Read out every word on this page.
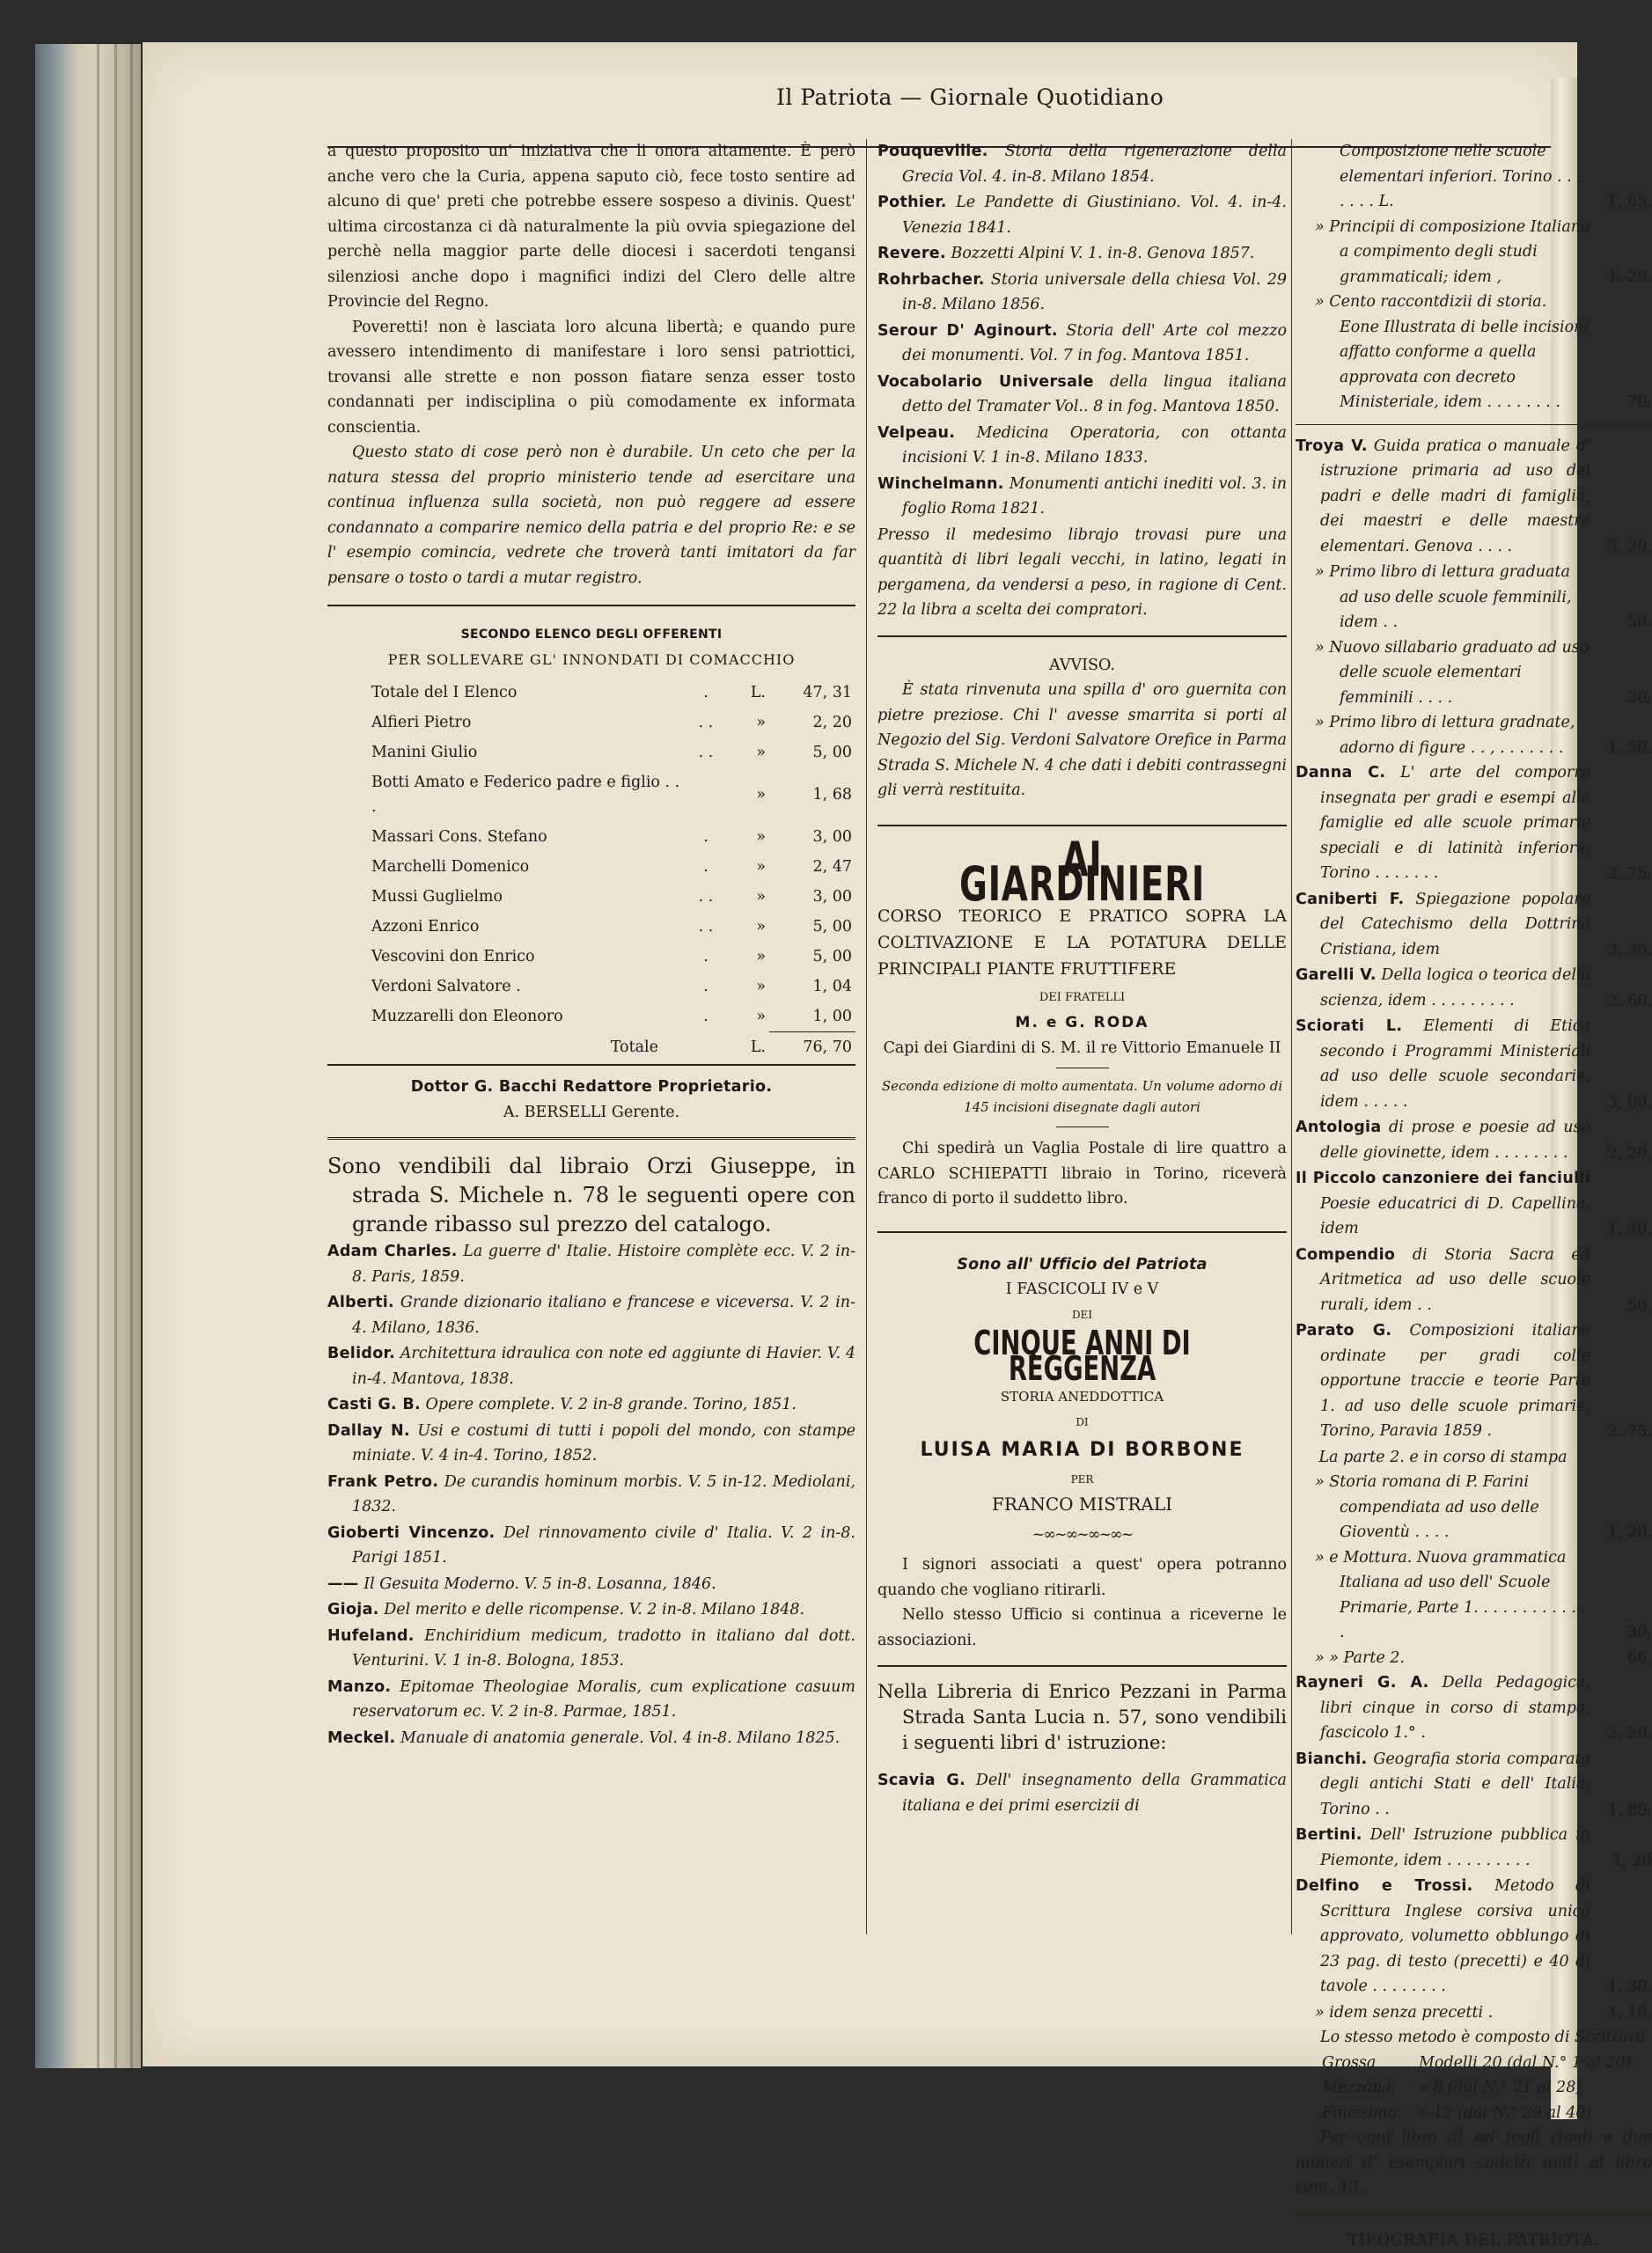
Il Patriota — Giornale Quotidiano

a questo proposito un' iniziativa che li onora altamente. È però anche vero che la Curia, appena saputo ciò, fece tosto sentire ad alcuno di que' preti che potrebbe essere sospeso a divinis. Quest' ultima circostanza ci dà naturalmente la più ovvia spiegazione del perchè nella maggior parte delle diocesi i sacerdoti tengansi silenziosi anche dopo i magnifici indizi del Clero delle altre Provincie del Regno.

Poveretti! non è lasciata loro alcuna libertà; e quando pure avessero intendimento di manifestare i loro sensi patriottici, trovansi alle strette e non posson fiatare senza esser tosto condannati per indisciplina o più comodamente ex informata conscientia.

Questo stato di cose però non è durabile. Un ceto che per la natura stessa del proprio ministerio tende ad esercitare una continua influenza sulla società, non può reggere ad essere condannato a comparire nemico della patria e del proprio Re: e se l' esempio comincia, vedrete che troverà tanti imitatori da far pensare o tosto o tardi a mutar registro.

SECONDO ELENCO DEGLI OFFERENTI

PER SOLLEVARE GL' INNONDATI DI COMACCHIO

Totale del I Elenco	.	L.	47, 31
Alfieri Pietro	. .	»	2, 20
Manini Giulio	. .	»	5, 00
Botti Amato e Federico padre e figlio . . .		»	1, 68
Massari Cons. Stefano	.	»	3, 00
Marchelli Domenico	.	»	2, 47
Mussi Guglielmo	. .	»	3, 00
Azzoni Enrico	. .	»	5, 00
Vescovini don Enrico	.	»	5, 00
Verdoni Salvatore .	.	»	1, 04
Muzzarelli don Eleonoro	.	»	1, 00
Totale		L.	76, 70

Dottor G. Bacchi Redattore Proprietario.

A. BERSELLI Gerente.

Sono vendibili dal libraio Orzi Giuseppe, in strada S. Michele n. 78 le seguenti opere con grande ribasso sul prezzo del catalogo.

Adam Charles. La guerre d' Italie. Histoire complète ecc. V. 2 in-8. Paris, 1859.

Alberti. Grande dizionario italiano e francese e viceversa. V. 2 in-4. Milano, 1836.

Belidor. Architettura idraulica con note ed aggiunte di Havier. V. 4 in-4. Mantova, 1838.

Casti G. B. Opere complete. V. 2 in-8 grande. Torino, 1851.

Dallay N. Usi e costumi di tutti i popoli del mondo, con stampe miniate. V. 4 in-4. Torino, 1852.

Frank Petro. De curandis hominum morbis. V. 5 in-12. Mediolani, 1832.

Gioberti Vincenzo. Del rinnovamento civile d' Italia. V. 2 in-8. Parigi 1851.

—— Il Gesuita Moderno. V. 5 in-8. Losanna, 1846.

Gioja. Del merito e delle ricompense. V. 2 in-8. Milano 1848.

Hufeland. Enchiridium medicum, tradotto in italiano dal dott. Venturini. V. 1 in-8. Bologna, 1853.

Manzo. Epitomae Theologiae Moralis, cum explicatione casuum reservatorum ec. V. 2 in-8. Parmae, 1851.

Meckel. Manuale di anatomia generale. Vol. 4 in-8. Milano 1825.

Pouqueville. Storia della rigenerazione della Grecia Vol. 4. in-8. Milano 1854.

Pothier. Le Pandette di Giustiniano. Vol. 4. in-4. Venezia 1841.

Revere. Bozzetti Alpini V. 1. in-8. Genova 1857.

Rohrbacher. Storia universale della chiesa Vol. 29 in-8. Milano 1856.

Serour D' Aginourt. Storia dell' Arte col mezzo dei monumenti. Vol. 7 in fog. Mantova 1851.

Vocabolario Universale della lingua italiana detto del Tramater Vol.. 8 in fog. Mantova 1850.

Velpeau. Medicina Operatoria, con ottanta incisioni V. 1 in-8. Milano 1833.

Winchelmann. Monumenti antichi inediti vol. 3. in foglio Roma 1821.

Presso il medesimo librajo trovasi pure una quantità di libri legali vecchi, in latino, legati in pergamena, da vendersi a peso, in ragione di Cent. 22 la libra a scelta dei compratori.

AVVISO.

È stata rinvenuta una spilla d' oro guernita con pietre preziose. Chi l' avesse smarrita si porti al Negozio del Sig. Verdoni Salvatore Orefice in Parma Strada S. Michele N. 4 che dati i debiti contrassegni gli verrà restituita.

AI GIARDINIERI

CORSO TEORICO E PRATICO SOPRA LA COLTIVAZIONE E LA POTATURA DELLE PRINCIPALI PIANTE FRUTTIFERE

DEI FRATELLI

M. e G. RODA

Capi dei Giardini di S. M. il re Vittorio Emanuele II

Seconda edizione di molto aumentata. Un volume adorno di 145 incisioni disegnate dagli autori

Chi spedirà un Vaglia Postale di lire quattro a CARLO SCHIEPATTI libraio in Torino, riceverà franco di porto il suddetto libro.

Sono all' Ufficio del Patriota

I FASCICOLI IV e V

DEI

CINQUE ANNI DI REGGENZA

STORIA ANEDDOTTICA

DI

LUISA MARIA DI BORBONE

PER

FRANCO MISTRALI

~∞~∞~∞~∞~

I signori associati a quest' opera potranno quando che vogliano ritirarli.

Nello stesso Ufficio si continua a riceverne le associazioni.

Nella Libreria di Enrico Pezzani in Parma Strada Santa Lucia n. 57, sono vendibili i seguenti libri d' istruzione:

Scavia G. Dell' insegnamento della Grammatica italiana e dei primi esercizii di

Composizione nelle scuole elementari inferiori. Torino . . . . . . . L.	1, 65.
» Principii di composizione Italiana a compimento degli studi grammaticali; idem ,	1, 20.
» Cento raccontdizii di storia. Eone Illustrata di belle incisioni affatto conforme a quella approvata con decreto Ministeriale, idem . . . . . . . .	70.
Troya V. Guida pratica o manuale d' istruzione primaria ad uso dei padri e delle madri di famiglia, dei maestri e delle maestre elementari. Genova . . . .	3, 30.
» Primo libro di lettura graduata ad uso delle scuole femminili, idem . .	50.
» Nuovo sillabario graduato ad uso delle scuole elementari femminili . . . .	30.
» Primo libro di lettura gradnate, adorno di figure . . , . . . . . . .	1, 50.
Danna C. L' arte del comporre insegnata per gradi e esempi alle famiglie ed alle scuole primarie speciali e di latinità inferiore. Torino . . . . . . .	2, 75.
Caniberti F. Spiegazione popolare del Catechismo della Dottrina Cristiana, idem	3, 30.
Garelli V. Della logica o teorica della scienza, idem . . . . . . . . .	2, 60.
Sciorati L. Elementi di Etica secondo i Programmi Ministeriali ad uso delle scuole secondarie, idem . . . . .	3, 00.
Antologia di prose e poesie ad uso delle giovinette, idem . . . . . . . .	2, 20.
Il Piccolo canzoniere dei fanciulli Poesie educatrici di D. Capellina, idem	1, 40.
Compendio di Storia Sacra ed Aritmetica ad uso delle scuole rurali, idem . .	50.
Parato G. Composizioni italiane ordinate per gradi colle opportune traccie e teorie Parte 1. ad uso delle scuole primarie, Torino, Paravia 1859 .	2, 75.
La parte 2. e in corso di stampa
» Storia romana di P. Farini compendiata ad uso delle Gioventù . . . .	1, 20.
» e Mottura. Nuova grammatica Italiana ad uso dell' Scuole Primarie, Parte 1. . . . . . . . . . . . .	30.
» » Parte 2.	66.
Rayneri G. A. Della Pedagogica, libri cinque in corso di stampa, fascicolo 1.° .	2, 20.
Bianchi. Geografia storia comparata degli antichi Stati e dell' Italia, Torino . .	1, 80.
Bertini. Dell' Istruzione pubblica in Piemonte, idem . . . . . . . . .	1, 20
Delfino e Trossi. Metodo di Scrittura Inglese corsiva unico approvato, volumetto obblungo di 23 pag. di testo (precetti) e 40 di tavole . . . . . . . .	1, 30.
» idem senza precetti .	1, 10.

Lo stesso metodo è composto di Scrittura

Grossa	Modelli 20 (dal N.° 1 al 20)
Mezzana	» 8 (dal N.° 21 al 28)
Finissima	» 12 (dal N.° 29 al 40)

Per ogni libro di sei fogli rigati e due numeri d' esemplari sudetti uniti al libro cent. 13.

TIPOGRAFIA DEL PATRIOTA.
